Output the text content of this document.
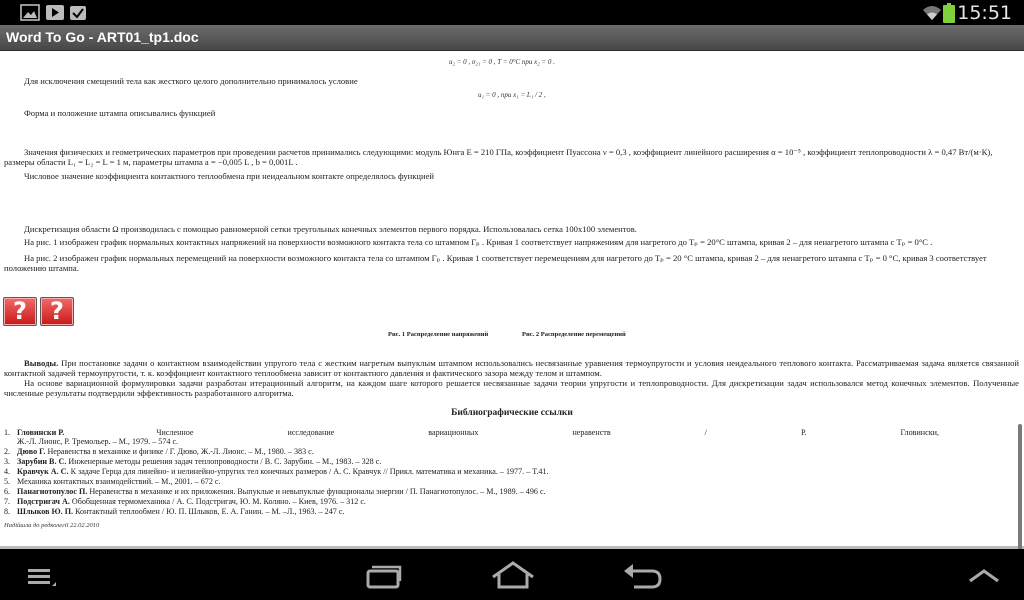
15:51
Word To Go - ART01_tp1.doc
u₂ = 0 , σ₂₁ = 0 , T = 0°C при x₂ = 0 .
Для исключения смещений тела как жесткого целого дополнительно принималось условие
u₁ = 0 , при x₁ = L₁ / 2 ,
Форма и положение штампа описывались функцией
Значения физических и геометрических параметров при проведении расчетов принимались следующими: модуль Юнга E = 210 ГПа, коэффициент Пуассона ν = 0,3 , коэффициент линейного расширения α = 10⁻⁵ , коэффициент теплопроводности λ = 0,47 Вт/(м·К),
размеры области L₁ = L₂ = L = 1 м, параметры штампа a = −0,005 L , b = 0,001L .
Числовое значение коэффициента контактного теплообмена при неидеальном контакте определялось функцией
Дискретизация области Ω производилась с помощью равномерной сетки треугольных конечных элементов первого порядка. Использовалась сетка 100х100 элементов.
На рис. 1 изображен график нормальных контактных напряжений на поверхности возможного контакта тела со штампом Γₚ . Кривая 1 соответствует напряжениям для нагретого до Tₚ = 20°C штампа, кривая 2 – для ненагретого штампа с Tₚ = 0°C .
На рис. 2 изображен график нормальных перемещений на поверхности возможного контакта тела со штампом Γₚ . Кривая 1 соответствует перемещениям для нагретого до Tₚ = 20 °C штампа, кривая 2 – для ненагретого штампа с Tₚ = 0 °C, кривая 3 соответствует
положению штампа.
? ?
Рис. 1 Распределение напряжений	Рис. 2 Распределение перемещений
Выводы. При постановке задачи о контактном взаимодействии упругого тела с жестким нагретым выпуклым штампом использовались несвязанные уравнения термоупругости и условия неидеального теплового контакта. Рассматриваемая задача является связанной
контактной задачей термоупругости, т. к. коэффициент контактного теплообмена зависит от контактного давления и фактического зазора между телом и штампом.
На основе вариационной формулировки задачи разработан итерационный алгоритм, на каждом шаге которого решается несвязанные задачи теории упругости и теплопроводности. Для дискретизации задач использовался метод конечных элементов. Полученные
численные результаты подтвердили эффективность разработанного алгоритма.
Библиографические ссылки
1. Гловински Р.	Численное исследование вариационных неравенств / Р. Гловински,
Ж.-Л. Лионс, Р. Тремольер. – М., 1979. – 574 с.
2. Дюво Г. Неравенства в механике и физике / Г. Дюво, Ж.-Л. Лионс. – М., 1980. – 383 с.
3. Зарубин В. С. Инженерные методы решения задач теплопроводности / В. С. Зарубин. – М., 1983. – 328 с.
4. Кравчук А. С. К задаче Герца для линейно- и нелинейно-упругих тел конечных размеров / А. С. Кравчук // Прикл. математика и механика. – 1977. – Т.41.
5. Механика контактных взаимодействий. – М., 2001. – 672 с.
6. Панагиотопулос П. Неравенства в механике и их приложения. Выпуклые и невыпуклые функционалы энергии / П. Панагиотопулос. – М., 1989. – 496 с.
7. Подстригач А. Обобщенная термомеханика / А. С. Подстригач, Ю. М. Коляно. – Киев, 1976. – 312 с.
8. Шлыков Ю. П. Контактный теплообмен / Ю. П. Шлыков, Е. А. Ганин. – М. –Л., 1963. – 247 с.
Надійшла до редколегії 22.02.2010
